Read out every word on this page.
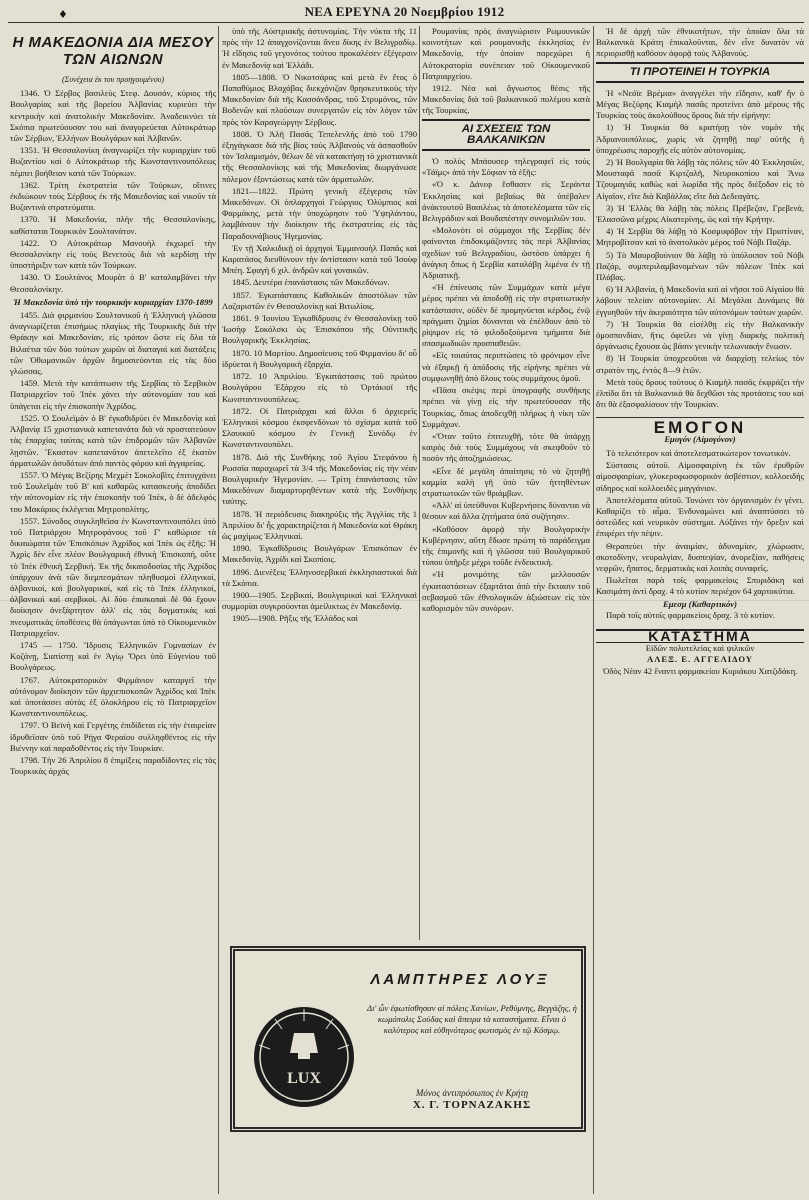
♦	ΝΕΑ ΕΡΕΥΝΑ 20 Νοεμβρίου 1912
Η ΜΑΚΕΔΟΝΙΑ ΔΙΑ ΜΕΣΟΥ ΤΩΝ ΑΙΩΝΩΝ
(Συνέχεια έκ του προηγουμένου)

1346. Ὁ Σέρβος βασιλεὺς Στεφ. Δουσάν, κύριος τῆς Βουλγαρίας καὶ τῆς βορείου Ἀλβανίας κυριεύει τὴν κεντρικὴν καὶ ἀνατολικὴν Μακεδονίαν. Ἀναδεικνύει τὰ Σκόπια πρωτεύουσαν του καὶ ἀναγορεύεται Αὐτοκράτωρ τῶν Σέρβων, Ἑλλήνων Βουλγάρων καὶ Ἀλβανῶν.

1351. Ἡ Θεσσαλονίκη ἀναγνωρίζει τὴν κυριαρχίαν τοῦ Βυζαντίου καὶ ὁ Αὐτοκράτωρ τῆς Κωνσταντινουπόλεως πέμπει βοήθειαν κατὰ τῶν Τούρκων.

1362. Τρίτη ἐκστρατεία τῶν Τούρκων, οἵτινες ἐκδιώκουν τοὺς Σέρβους ἐκ τῆς Μακεδονίας καὶ νικοῦν τὰ Βυζαντινὰ στρατεύματα.

1370. Ἡ Μακεδονία, πλὴν τῆς Θεσσαλονίκης, καθίσταται Τουρκικὸν Σουλτανάτον.

1422. Ὁ Αὐτοκράτωρ Μανουὴλ ἐκχωρεῖ τὴν Θεσσαλονίκην εἰς τοὺς Βενετοὺς διὰ νὰ κερδίσῃ τὴν ὑποστήριξιν των κατὰ τῶν Τούρκων.

1430. Ὁ Σουλτάνος Μουρὰτ ὁ Β' καταλαμβάνει τὴν Θεσσαλονίκην.

Ἡ Μακεδονία ὑπὸ τὴν τουρκικὴν κυριαρχίαν 1370-1899

1455. Διὰ φιρμανίου Σουλτανικοῦ ἡ Ἑλληνικὴ γλῶσσα ἀναγνωρίζεται ἐπισήμως πλαγίως τῆς Τουρκικῆς διὰ τὴν Θράκην καὶ Μακεδονίαν, εἰς τρόπον ὥστε εἰς ὅλα τὰ Βιλαέτια τῶν δύο τούτων χωρῶν αἱ διαταγαὶ καὶ διατάξεις τῶν Ὀθωμανικῶν ἀρχῶν δημοσιεύονται εἰς τὰς δύο γλώσσας.

1459. Μετὰ τὴν κατάπτωσιν τῆς Σερβίας τὸ Σερβικὸν Πατριαρχεῖον τοῦ Ἰπὲκ χάνει τὴν αὐτονομίαν του καὶ ὑπάγεται εἰς τὴν ἐπισκοπὴν Ἀχρίδος.

1525. Ὁ Σουλεϊμὰν ὁ Β' ἐγκαθιδρύει ἐν Μακεδονίᾳ καὶ Ἀλβανίᾳ 15 χριστιανικὰ καπετανάτα διὰ νὰ προστατεύουν τὰς ἐπαρχίας ταύτας κατὰ τῶν ἐπιδρομῶν τῶν Ἀλβανῶν λῃστῶν. Ἕκαστον καπετανᾶτον ἀπετελεῖτο ἐξ ἑκατὸν ἀρματωλῶν ἀσυδότων ἀπὸ παντὸς φόρου καὶ ἀγγαρείας.

1557. Ὁ Μέγας Βεζίρης Μεχμὲτ Σοκολοβὶτς ἐπιτυγχάνει τοῦ Σουλεϊμὰν τοῦ Β' καὶ καθαρῶς κατασκευής ἀποδίδει τὴν αὐτονομίαν εἰς τὴν ἐπισκοπὴν τοῦ Ἰπὲκ, ὁ δὲ ἀδελφός του Μακάριος ἐκλέγεται Μητροπολίτης.

1557. Σύνοδος συγκληθεῖσα ἐν Κωνσταντινουπόλει ὑπὸ τοῦ Πατριάρχου Μητροφάνους τοῦ Γ' καθώρισε τὰ δικαιώματα τῶν Ἐπισκόπων Ἀχρίδος καὶ Ἰπὲκ ὡς ἑξῆς: Ἡ Ἀχρὶς δὲν εἶνε πλέον Βουλγαρικὴ ἐθνικὴ Ἐπισκοπή, οὔτε τὸ Ἰπὲκ ἐθνικὴ Σερβική. Ἐκ τῆς δικαιοδοσίας τῆς Ἀχρίδος ὑπάρχουν ἀνὰ τῶν διεμπεσμάτων πληθυσμοὶ ἑλληνικοί, ἀλβανικοί, καὶ βουλγαρικοί, καὶ εἰς τὸ Ἰπὲκ ἑλληνικοί, ἀλβανικοὶ καὶ σερβικοί. Αἱ δύο ἐπισκοπαὶ δὲ θὰ ἔχουν διοίκησιν ἀνεξάρτητον ἀλλ' εἰς τὰς δογματικὰς καὶ πνευματικὰς ὑποθέσεις θὰ ὑπάγωνται ὑπὸ τὸ Οἰκουμενικὸν Πατριαρχεῖον.

1745 — 1750. Ἵδρυσις Ἑλληνικῶν Γυμνασίων ἐν Κοζάνῃ, Σιατίστῃ καὶ ἐν Ἁγίῳ Ὄρει ὑπὸ Εὐγενίου τοῦ Βουλγάρεως.

1767. Αὐτοκρατορικὸν Φιρμάνιον καταργεῖ τὴν αὐτόνομον διοίκησιν τῶν ἀρχιεπισκοπῶν Ἀχρίδος καὶ Ἰπὲκ καὶ ὑποτάσσει αὐτὰς ἐξ ὁλοκλήρου εἰς τὸ Πατριαρχεῖον Κωνσταντινουπόλεως.

1797. Ὁ Βεϊνὴ καὶ Γεργέτης ἐπιδίδεται εἰς τὴν ἐταιρείαν ἱδρυθεῖσαν ὑπὸ τοῦ Ρήγα Φεραίου συλληφθέντος εἰς τὴν Βιέννην καὶ παραδοθέντος εἰς τὴν Τουρκίαν.

1798. Τὴν 26 Ἀπριλίου 8 ἐπιμίξεις παραδίδοντες εἰς τὰς Τουρκικὰς ἀρχὰς

ὑπὸ τῆς Αὐστριακῆς ἀστυνομίας. Τὴν νύκτα τῆς 11 πρὸς τὴν 12 ἀπαγχονίζονται ἄνευ δίκης ἐν Βελιγραδίῳ. Ἡ εἴδησις τοῦ γεγονότος τούτου προκαλέσεν ἐξέγερσιν ἐν Μακεδονίᾳ καὶ Ἑλλάδι.

1805—1808. Ὁ Νικοτσάρας καὶ μετὰ ἓν ἔτος ὁ Παπαθύμιος Βλαχάβας διεκχόνιζαν θρησκευτικοὺς τὴν Μακεδονίαν διὰ τῆς Κασσάνδρας, τοῦ Στρυμόνος, τῶν Βοδενῶν καὶ πλούσιων συνεργατῶν εἰς τὸν λόγον τῶν πρὸς τὸν Καραγεώργην Σέρβους.

1808. Ὁ Ἀλῆ Πασᾶς Τεπελενλὴς ἀπὸ τοῦ 1790 ἐξηγάγκασε διὰ τῆς βίας τοὺς Ἀλβανοὺς νὰ ἀσπασθοῦν τὸν Ἰσλαμισμόν, θέλων δὲ νὰ κατακτήσῃ τὸ χριστιανικὰ τῆς Θεσσαλονίκης καὶ τῆς Μακεδονίας διωργάνωσε πόλεμον ἐξοντώσεως κατὰ τῶν ἀρματωλῶν.

1821—1822. Πρώτη γενικὴ ἐξέγερσις τῶν Μακεδόνων. Οἱ ὁπλαρχηγοὶ Γεώργιος Ὀλύμπιος καὶ Φαρμάκης, μετὰ τὴν ὑποχώρησιν τοῦ Ὑψηλάντου, λαμβάνουν τὴν διοίκησιν τῆς ἐκστρατείας εἰς τὰς Παραδουνάβιους Ἡγεμονίας.

Ἐν τῇ Χαλκιδικῇ οἱ ἀρχηγοὶ Ἐμμανουὴλ Παπᾶς καὶ Καρατάσος διευθύνουν τὴν ἀντίστασιν κατὰ τοῦ Ἰσοὺφ Μπέη. Σφαγὴ 6 χιλ. ἀνδρῶν καὶ γυναικῶν.

1845. Δευτέρα ἐπανάστασις τῶν Μακεδόνων.

1857. Ἐγκατάστασις Καθολικῶν ἀποστόλων τῶν Λαζαριστῶν ἐν Θεσσαλονίκῃ καὶ Βιτωλίοις.

1861. 9 Ἰουνίου Ἐγκαθίδρυσις ἐν Θεσσαλονίκῃ τοῦ Ἰωσὴφ Σοκόλσκι ὡς Ἐπισκόπου τῆς Οὐνιτικῆς Βουλγαρικῆς Ἐκκλησίας.

1870. 10 Μαρτίου. Δημοσίευσις τοῦ Φιρμανίου δι' οὗ ἱδρύεται ἡ Βουλγαρικὴ ἐξαρχία.

1872. 10 Ἀπριλίου. Ἐγκατάστασις τοῦ πρώτου Βουλγάρου Ἐξάρχου εἰς τὸ Ὀρτάκιοϊ τῆς Κωνσταντινουπόλεως.

1872. Οἱ Πατριάρχαι καὶ ἄλλοι 6 ἀρχιερεῖς Ἑλληνικοὶ κόσμου ἐκσφενδόνων τὸ σχίσμα κατὰ τοῦ Σλαυικοῦ κόσμου ἐν Γενικῇ Συνόδῳ ἐν Κωνσταντινουπόλει.

1878. Διὰ τῆς Συνθήκης τοῦ Ἁγίου Στεφάνου ἡ Ρωσσία παραχωρεῖ τὰ 3/4 τῆς Μακεδονίας εἰς τὴν νέαν Βουλγαρικὴν Ἡγεμονίαν. — Τρίτη ἐπανάστασις τῶν Μακεδόνων διαμαρτυρηθέντων κατὰ τῆς Συνθήκης ταύτης.

1878. Ἡ περιόδευσις διακηρύξις τῆς Ἀγγλίας τῆς 1 Ἀπριλίου δι' ἧς χαρακτηρίζεται ἡ Μακεδονία καὶ Θράκη ὡς μαχίμως Ἑλληνικαί.

1890. Ἐγκαθίδρυσις Βουλγάρων Ἐπισκόπων ἐν Μακεδονίᾳ, Ἀχρίδι καὶ Σκοπίοις.

1896. Διενέξεις Ἑλληνοσερβικαὶ ἐκκλησιαστικαὶ διὰ τὰ Σκόπια.

1900—1905. Σερβικαί, Βουλγαρικαὶ καὶ Ἑλληνικαὶ συμμορίαι συγκρούονται ἀμείλικτως ἐν Μακεδονίᾳ.

1905—1908. Ρῆξις τῆς Ἑλλάδος καὶ

Ρουμανίας πρὸς ἀναγνώρισιν Ρωμουνικῶν κοινοτήτων καὶ ρουμανικῆς ἐκκλησίας ἐν Μακεδονίᾳ, τὴν ὁποίαν παρεχώρει ἡ Αὐτοκρατορία συνέπειαν τοῦ Οἰκουμενικοῦ Πατριαρχείου.

1912. Νέα καὶ ἄγνωστος θέσις τῆς Μακεδονίας διὰ τοῦ βαλκανικοῦ πολέμου κατὰ τῆς Τουρκίας.

ΑΙ ΣΧΕΣΕΙΣ ΤΩΝ ΒΑΛΚΑΝΙΚΩΝ

Ὁ πολὺς Μπάουσερ τηλεγραφεῖ εἰς τοὺς «Τάϊμς» ἀπὸ τὴν Σόφιαν τὰ ἑξῆς:

«Ὁ κ. Δάνεφ ἔσθασεν εἰς Σεράντα Ἐκκλησίας καὶ βεβαίως θὰ ὑπέβαλεν ἀνάκτουτοῦ Βασιλέως τὰ ἀποτελέσματα τῶν εἰς Βελιγράδιον καὶ Βουδαπέστην συνομιλιῶν του.

«Μολονότι οἱ σύμμαχοι τῆς Σερβίας δὲν φαίνονται ἐπιδοκιμάζοντες τὰς περὶ Ἀλβανίας σχεδίων τοῦ Βελιγραδίου, ὡστόσο ὑπάρχει ἡ ἀνάγκη ὅπως ἡ Σερβία καταλάβῃ λιμένα ἐν τῇ Ἀδριατικῇ.

«Ἡ ἐπίνευσις τῶν Συμμάχων κατὰ μέγα μέρος πρέπει νὰ ἀποδοθῇ εἰς τὴν στρατιωτικὴν κατάστασιν, οὐδὲν δὲ προμηνύεται κέρδος, ἐνῷ πράγματι ζημίαι δύνανται νὰ ἐπέλθουν ἀπὸ τὸ ρίψιμον εἰς τὸ φιλοδοξούμενα τμήματα διὰ σπασμωδικῶν προσπαθειῶν.

«Εἰς τοιαύτας περιπτώσεις τὸ φρόνιμον εἶνε νὰ ἐξαρκῇ ἡ ἀπόδοσις τῆς εἰρήνης πρέπει νὰ συμφωνηθῇ ἀπὸ ὅλους τοὺς συμμάχους ὁμοῦ.

«Πᾶσα σκέψις περὶ ὑπογραφῆς συνθήκης πρέπει νὰ γίνῃ εἰς τὴν πρωτεύουσαν τῆς Τουρκίας, ὅπως ἀποδειχθῇ πλήρως ἡ νίκη τῶν Συμμάχων.

«Ὅταν τοῦτο ἐπιτευχθῇ, τότε θὰ ὑπάρχῃ καιρὸς διὰ τοὺς Συμμάχους νὰ σκεφθοῦν τὸ ποσὸν τῆς ἀποζημιώσεως.

«Εἶνε δὲ μεγάλη ἀπαίτησις τὸ νὰ ζητηθῇ καμμία καλὴ γῆ ὑπὸ τῶν ἡττηθέντων στρατιωτικῶν τῶν θριάμβων.

«Ἀλλ' αἱ ὑπεύθυνοι Κυβερνήσεις δύνανται νὰ θέσουν καὶ ἄλλα ζητήματα ὑπὸ συζήτησιν.

«Καθόσον ἀφορᾷ τὴν Βουλγαρικὴν Κυβέρνησιν, αὕτη ἔδωσε πρώτη τὸ παράδειγμα τῆς ἐπιμονῆς καὶ ἡ γλῶσσα τοῦ Βουλγαρικοῦ τύπου ὑπῆρξε μέχρι τοῦδε ἐνδεικτική.

«Ἡ μονιμότης τῶν μελλουσῶν ἐγκαταστάσεων ἐξαρτᾶται ἀπὸ τὴν ἔκτασιν τοῦ σεβασμοῦ τῶν ἐθνολογικῶν ἀξιώσεων εἰς τὸν καθορισμὸν τῶν συνόρων.

Ἡ δὲ ἀρχὴ τῶν ἐθνικοτήτων, τὴν ὁποίαν ὅλα τὰ Βαλκανικὰ Κράτη ἐπικαλοῦνται, δὲν εἶνε δυνατὸν νὰ περιορισθῇ καθόσον ἀφορᾷ τοὺς Ἀλβανούς.

ΤΙ ΠΡΟΤΕΙΝΕΙ Η ΤΟΥΡΚΙΑ

Ἡ «Νεόϊε Βρέμια» ἀναγγέλει τὴν εἴδησιν, καθ' ἣν ὁ Μέγας Βεζύρης Κιαμὴλ πασᾶς προτείνει ἀπὸ μέρους τῆς Τουρκίας τοὺς ἀκολούθους ὅρους διὰ τὴν εἰρήνην:

1) Ἡ Τουρκία θὰ κρατήσῃ τὸν νομὸν τῆς Ἀδριανουπόλεως, χωρὶς νὰ ζητηθῇ παρ' αὐτῆς ἡ ὑποχρέωσις παροχῆς εἰς αὐτὸν αὐτονομίας.

2) Ἡ Βουλγαρία θὰ λάβῃ τὰς πόλεις τῶν 40 Ἐκκλησιῶν, Μουσταφᾶ πασᾶ Κιρτζαλῆ, Νευροκοπίου καὶ Ἄνω Τζουμαγιᾶς καθὼς καὶ λωρίδα τῆς πρὸς διέξοδον εἰς τὸ Αἰγαῖον, εἴτε διὰ Καβάλλας εἴτε διὰ Δεδεαγὰτς.

3) Ἡ Ἑλλὰς θὰ λάβῃ τὰς πόλεις Πρέβεζαν, Γρεβενά, Ἐλασσῶνα μέχρις Αἰκατερίνης, ὡς καὶ τὴν Κρήτην.

4) Ἡ Σερβία θὰ λάβῃ τὸ Κοσμυφόβον τὴν Πριστίναν, Μητροβίτσαν καὶ τὸ ἀνατολικὸν μέρος τοῦ Νόβι Παζάρ.

5) Τὸ Μαυροβούνιον θὰ λάβῃ τὸ ὑπόλοιπον τοῦ Νόβι Παζάρ, συμπεριλαμβανομένων τῶν πόλεων Ἰπὲκ καὶ Πλάβας.

6) Ἡ Ἀλβανία, ἡ Μακεδονία καὶ αἱ νῆσοι τοῦ Αἰγαίου θὰ λάβουν τελείαν αὐτονομίαν. Αἱ Μεγάλαι Δυνάμεις θὰ ἐγγυηθοῦν τὴν ἀκεραιότητα τῶν αὐτονόμων τούτων χωρῶν.

7) Ἡ Τουρκία θὰ εἰσέλθῃ εἰς τὴν Βαλκανικὴν ὁμοσπονδίαν, ἥτις ὀφείλει νὰ γίνῃ διαρκὴς πολιτικὴ ὀργάνωσις ἔχουσα ὡς βάσιν γενικὴν τελωνιακὴν ἕνωσιν.

8) Ἡ Τουρκία ὑποχρεοῦται νὰ διαρχίσῃ τελείως τὸν στρατὸν της, ἐντὸς 8—9 ἐτῶν.

Μετὰ τοὺς ὅρους τούτους ὁ Κιαμὴλ πασᾶς ἐκφράζει τὴν ἐλπίδα ὅτι τὰ Βαλκανικὰ θὰ δεχθῶσι τὰς προτάσεις του καὶ ὅτι θὰ ἐξασφαλίσουν τὴν Τουρκίαν.

ΕΜΟΓΟΝ
Εμογόν (Αἱμογόνον)

Τὸ τελειότερον καὶ ἀποτελεσματικώτερον τονωτικόν.

Σύστασις αὐτοῦ. Αἱμοσφαιρίνη ἐκ τῶν ἐρυθρῶν αἱμοσφαιρίων, γλυκεροφωσφορικὸν ἀσβέστιον, κολλοειδὴς σίδηρος καὶ κολλοειδὲς μαγγάνιον.

Ἀποτελέσματα αὐτοῦ. Τονώνει τὸν ὀργανισμὸν ἐν γένει. Καθαρίζει τὸ αἷμα. Ἐνδυναμώνει καὶ ἀναπτύσσει τὸ ὀστεῶδες καὶ νευρικὸν σύστημα. Αὐξάνει τὴν ὄρεξιν καὶ ἐπιφέρει τὴν πέψιν.

Θεραπεύει τὴν ἀναιμίαν, ἀδυναμίαν, χλώρωσιν, σκοτοδίνην, νευραλγίαν, δυσπεψίαν, ἀνορεξίαν, παθήσεις νεφρῶν, ἥπατος, δερματικὰς καὶ λοιπὰς συναφεῖς.

Πωλεῖται παρὰ τοῖς φαρμακείοις Σπυριδάκη καὶ Κασιμάτη ἀντὶ δραχ. 4 τὸ κυτίον περιέχον 64 χαρτοκύτια.

Εμεσμ (Καθαρτικόν)

Παρὰ τοῖς αὐτοῖς φαρμακείοις δραχ. 3 τὸ κυτίον.

ΚΑΤΑΣΤΗΜΑ
Εἰδῶν πολυτελείας καὶ ψιλικῶν
ΑΛΕΞ. Ε. ΑΓΓΕΛΙΔΟΥ
Ὁδὸς Νέαν 42 ἔναντι φαρμακείου Κυριάκου Χατζιδάκη.
ΛΑΜΠΤΗΡΕΣ ΛΟΥΞ
LUX
Δι' ὧν ἐφωτίσθησαν αἱ πόλεις Χανίων, Ρεθύμνης, Βεγγάζης, ἡ κωμόπολις Σούδας καὶ ἄπειρα τὰ καταστήματα. Εἶναι ὁ καλύτερος καὶ εὐθηνότερος φωτισμὸς ἐν τῷ Κόσμῳ.
Μόνος ἀντιπρόσωπος ἐν Κρήτῃ
Χ. Γ. ΤΟΡΝΑΖΑΚΗΣ
